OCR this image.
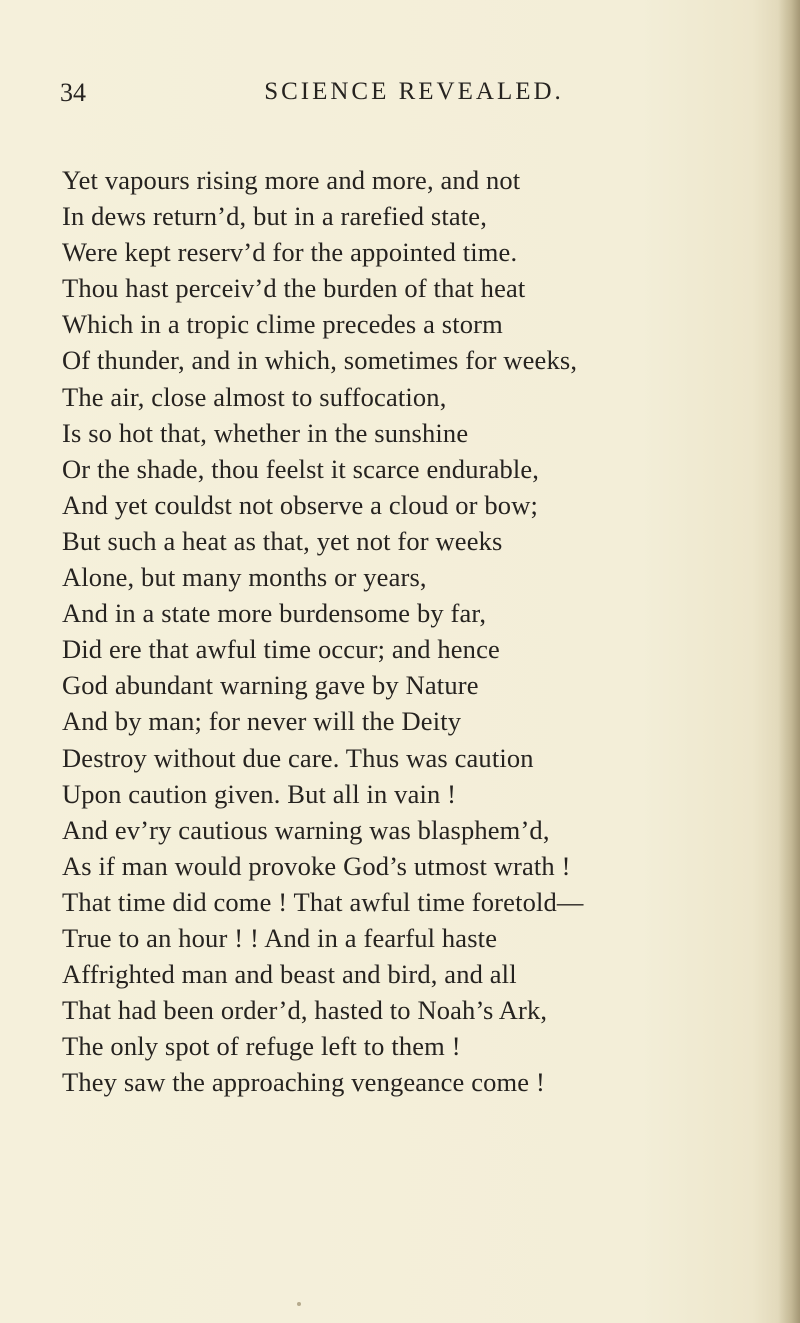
34	SCIENCE REVEALED.
Yet vapours rising more and more, and not
In dews return’d, but in a rarefied state,
Were kept reserv’d for the appointed time.
Thou hast perceiv’d the burden of that heat
Which in a tropic clime precedes a storm
Of thunder, and in which, sometimes for weeks,
The air, close almost to suffocation,
Is so hot that, whether in the sunshine
Or the shade, thou feelst it scarce endurable,
And yet couldst not observe a cloud or bow;
But such a heat as that, yet not for weeks
Alone, but many months or years,
And in a state more burdensome by far,
Did ere that awful time occur; and hence
God abundant warning gave by Nature
And by man; for never will the Deity
Destroy without due care. Thus was caution
Upon caution given. But all in vain !
And ev’ry cautious warning was blasphem’d,
As if man would provoke God’s utmost wrath !
That time did come ! That awful time foretold—
True to an hour ! ! And in a fearful haste
Affrighted man and beast and bird, and all
That had been order’d, hasted to Noah’s Ark,
The only spot of refuge left to them !
They saw the approaching vengeance come !
